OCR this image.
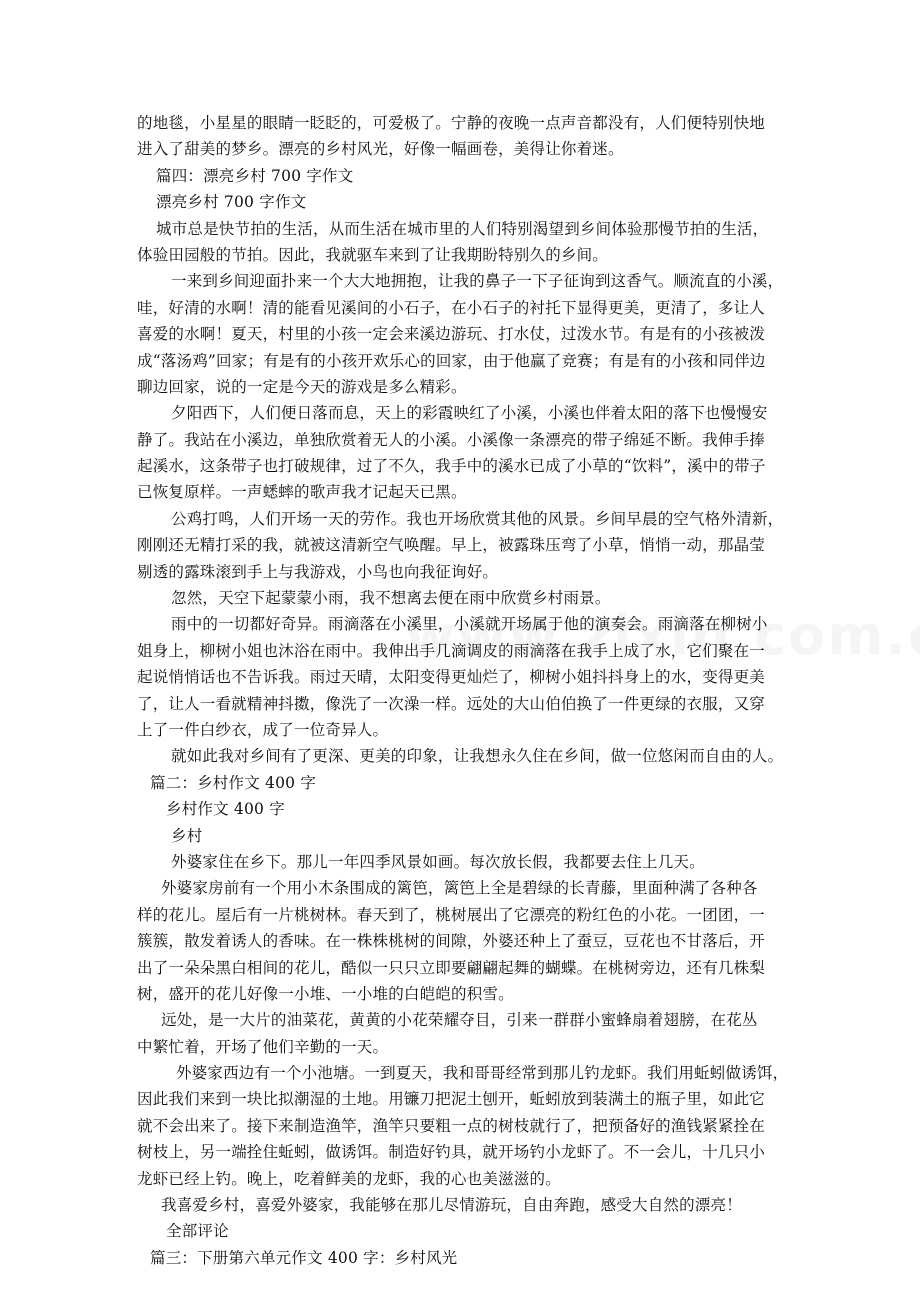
的地毯，小星星的眼睛一眨眨的，可爱极了。宁静的夜晚一点声音都没有，人们便特别快地
进入了甜美的梦乡。漂亮的乡村风光，好像一幅画卷，美得让你着迷。
篇四：漂亮乡村 700 字作文
漂亮乡村 700 字作文
城市总是快节拍的生活，从而生活在城市里的人们特别渴望到乡间体验那慢节拍的生活，
体验田园般的节拍。因此，我就驱车来到了让我期盼特别久的乡间。
一来到乡间迎面扑来一个大大地拥抱，让我的鼻子一下子征询到这香气。顺流直的小溪，
哇，好清的水啊！清的能看见溪间的小石子，在小石子的衬托下显得更美，更清了，多让人
喜爱的水啊！夏天，村里的小孩一定会来溪边游玩、打水仗，过泼水节。有是有的小孩被泼
成“落汤鸡”回家；有是有的小孩开欢乐心的回家，由于他赢了竞赛；有是有的小孩和同伴边
聊边回家，说的一定是今天的游戏是多么精彩。
夕阳西下，人们便日落而息，天上的彩霞映红了小溪，小溪也伴着太阳的落下也慢慢安
静了。我站在小溪边，单独欣赏着无人的小溪。小溪像一条漂亮的带子绵延不断。我伸手捧
起溪水，这条带子也打破规律，过了不久，我手中的溪水已成了小草的“饮料”，溪中的带子
已恢复原样。一声蟋蟀的歌声我才记起天已黑。
公鸡打鸣，人们开场一天的劳作。我也开场欣赏其他的风景。乡间早晨的空气格外清新，
刚刚还无精打采的我，就被这清新空气唤醒。早上，被露珠压弯了小草，悄悄一动，那晶莹
剔透的露珠滚到手上与我游戏，小鸟也向我征询好。
忽然，天空下起蒙蒙小雨，我不想离去便在雨中欣赏乡村雨景。
雨中的一切都好奇异。雨滴落在小溪里，小溪就开场属于他的演奏会。雨滴落在柳树小
姐身上，柳树小姐也沐浴在雨中。我伸出手几滴调皮的雨滴落在我手上成了水，它们聚在一
起说悄悄话也不告诉我。雨过天晴，太阳变得更灿烂了，柳树小姐抖抖身上的水，变得更美
了，让人一看就精神抖擞，像洗了一次澡一样。远处的大山伯伯换了一件更绿的衣服，又穿
上了一件白纱衣，成了一位奇异人。
就如此我对乡间有了更深、更美的印象，让我想永久住在乡间，做一位悠闲而自由的人。
篇二：乡村作文 400 字
乡村作文 400 字
乡村
外婆家住在乡下。那儿一年四季风景如画。每次放长假，我都要去住上几天。
外婆家房前有一个用小木条围成的篱笆，篱笆上全是碧绿的长青藤，里面种满了各种各
样的花儿。屋后有一片桃树林。春天到了，桃树展出了它漂亮的粉红色的小花。一团团，一
簇簇，散发着诱人的香味。在一株株桃树的间隙，外婆还种上了蚕豆，豆花也不甘落后，开
出了一朵朵黑白相间的花儿，酷似一只只立即要翩翩起舞的蝴蝶。在桃树旁边，还有几株梨
树，盛开的花儿好像一小堆、一小堆的白皑皑的积雪。
远处，是一大片的油菜花，黄黄的小花荣耀夺目，引来一群群小蜜蜂扇着翅膀，在花丛
中繁忙着，开场了他们辛勤的一天。
外婆家西边有一个小池塘。一到夏天，我和哥哥经常到那儿钓龙虾。我们用蚯蚓做诱饵，
因此我们来到一块比拟潮湿的土地。用镰刀把泥土刨开，蚯蚓放到装满土的瓶子里，如此它
就不会出来了。接下来制造渔竿，渔竿只要粗一点的树枝就行了，把预备好的渔钱紧紧拴在
树枝上，另一端拴住蚯蚓，做诱饵。制造好钓具，就开场钓小龙虾了。不一会儿，十几只小
龙虾已经上钓。晚上，吃着鲜美的龙虾，我的心也美滋滋的。
我喜爱乡村，喜爱外婆家，我能够在那儿尽情游玩，自由奔跑，感受大自然的漂亮！
全部评论
篇三：下册第六单元作文 400 字：乡村风光
